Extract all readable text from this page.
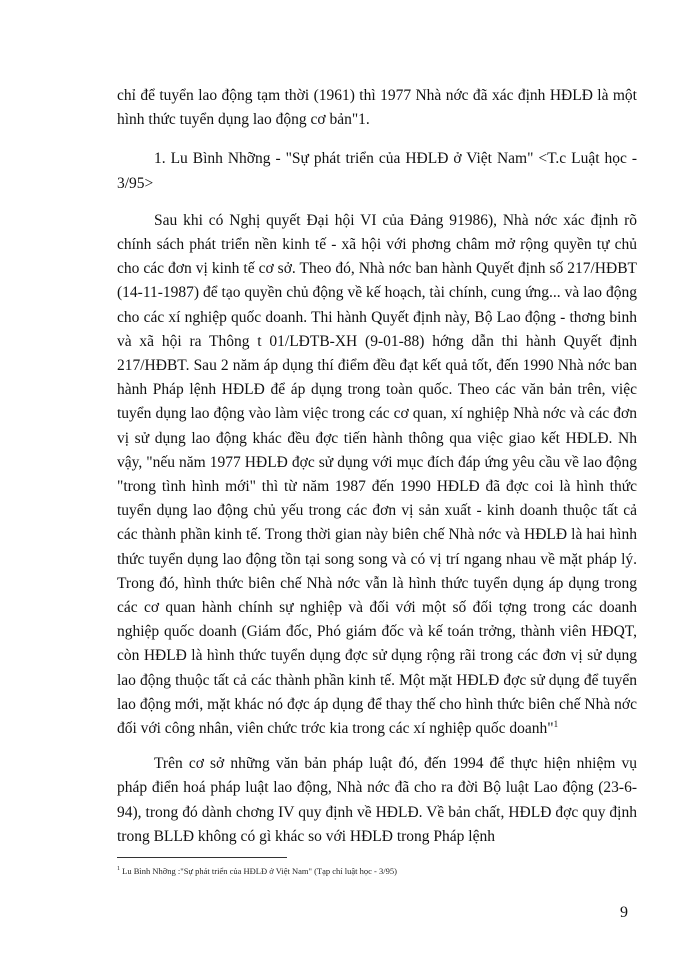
chỉ để tuyển lao động tạm thời (1961) thì 1977 Nhà nớc đã xác định HĐLĐ là một hình thức tuyển dụng lao động cơ bản"1.

1. Lu Bình Nhỡng - "Sự phát triển của HĐLĐ ở Việt Nam" <T.c Luật học - 3/95>

Sau khi có Nghị quyết Đại hội VI của Đảng 91986), Nhà nớc xác định rõ chính sách phát triển nền kinh tế - xã hội với phơng châm mở rộng quyền tự chủ cho các đơn vị kinh tế cơ sở. Theo đó, Nhà nớc ban hành Quyết định số 217/HĐBT (14-11-1987) để tạo quyền chủ động về kế hoạch, tài chính, cung ứng... và lao động cho các xí nghiệp quốc doanh. Thi hành Quyết định này, Bộ Lao động - thơng binh và xã hội ra Thông t 01/LĐTB-XH (9-01-88) hớng dẫn thi hành Quyết định 217/HĐBT. Sau 2 năm áp dụng thí điểm đều đạt kết quả tốt, đến 1990 Nhà nớc ban hành Pháp lệnh HĐLĐ để áp dụng trong toàn quốc. Theo các văn bản trên, việc tuyển dụng lao động vào làm việc trong các cơ quan, xí nghiệp Nhà nớc và các đơn vị sử dụng lao động khác đều đợc tiến hành thông qua việc giao kết HĐLĐ. Nh vậy, "nếu năm 1977 HĐLĐ đợc sử dụng với mục đích đáp ứng yêu cầu về lao động "trong tình hình mới" thì từ năm 1987 đến 1990 HĐLĐ đã đợc coi là hình thức tuyển dụng lao động chủ yếu trong các đơn vị sản xuất - kinh doanh thuộc tất cả các thành phần kinh tế. Trong thời gian này biên chế Nhà nớc và HĐLĐ là hai hình thức tuyển dụng lao động tồn tại song song và có vị trí ngang nhau về mặt pháp lý. Trong đó, hình thức biên chế Nhà nớc vẫn là hình thức tuyển dụng áp dụng trong các cơ quan hành chính sự nghiệp và đối với một số đối tợng trong các doanh nghiệp quốc doanh (Giám đốc, Phó giám đốc và kế toán trởng, thành viên HĐQT, còn HĐLĐ là hình thức tuyển dụng đợc sử dụng rộng rãi trong các đơn vị sử dụng lao động thuộc tất cả các thành phần kinh tế. Một mặt HĐLĐ đợc sử dụng để tuyển lao động mới, mặt khác nó đợc áp dụng để thay thế cho hình thức biên chế Nhà nớc đối với công nhân, viên chức trớc kia trong các xí nghiệp quốc doanh"$^1$

Trên cơ sở những văn bản pháp luật đó, đến 1994 để thực hiện nhiệm vụ pháp điển hoá pháp luật lao động, Nhà nớc đã cho ra đời Bộ luật Lao động (23-6-94), trong đó dành chơng IV quy định về HĐLĐ. Về bản chất, HĐLĐ đợc quy định trong BLLĐ không có gì khác so với HĐLĐ trong Pháp lệnh

$^1$ Lu Bình Nhỡng :"Sự phát triển của HĐLĐ ở Việt Nam" (Tạp chí luật học - 3/95)
9
